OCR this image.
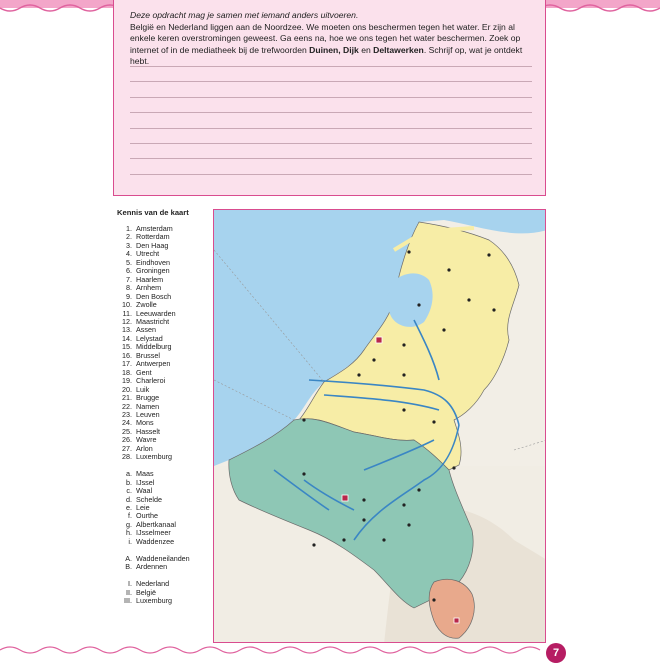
Deze opdracht mag je samen met iemand anders uitvoeren.
België en Nederland liggen aan de Noordzee. We moeten ons beschermen tegen het water. Er zijn al enkele keren overstromingen geweest. Ga eens na, hoe we ons tegen het water beschermen. Zoek op internet of in de mediatheek bij de trefwoorden Duinen, Dijk en Deltawerken. Schrijf op, wat je ontdekt hebt.
Kennis van de kaart
1. Amsterdam
2. Rotterdam
3. Den Haag
4. Utrecht
5. Eindhoven
6. Groningen
7. Haarlem
8. Arnhem
9. Den Bosch
10. Zwolle
11. Leeuwarden
12. Maastricht
13. Assen
14. Lelystad
15. Middelburg
16. Brussel
17. Antwerpen
18. Gent
19. Charleroi
20. Luik
21. Brugge
22. Namen
23. Leuven
24. Mons
25. Hasselt
26. Wavre
27. Arlon
28. Luxemburg
a. Maas
b. IJssel
c. Waal
d. Schelde
e. Leie
f. Ourthe
g. Albertkanaal
h. IJsselmeer
i. Waddenzee
A. Waddeneilanden
B. Ardennen
I. Nederland
II. België
III. Luxemburg
7
